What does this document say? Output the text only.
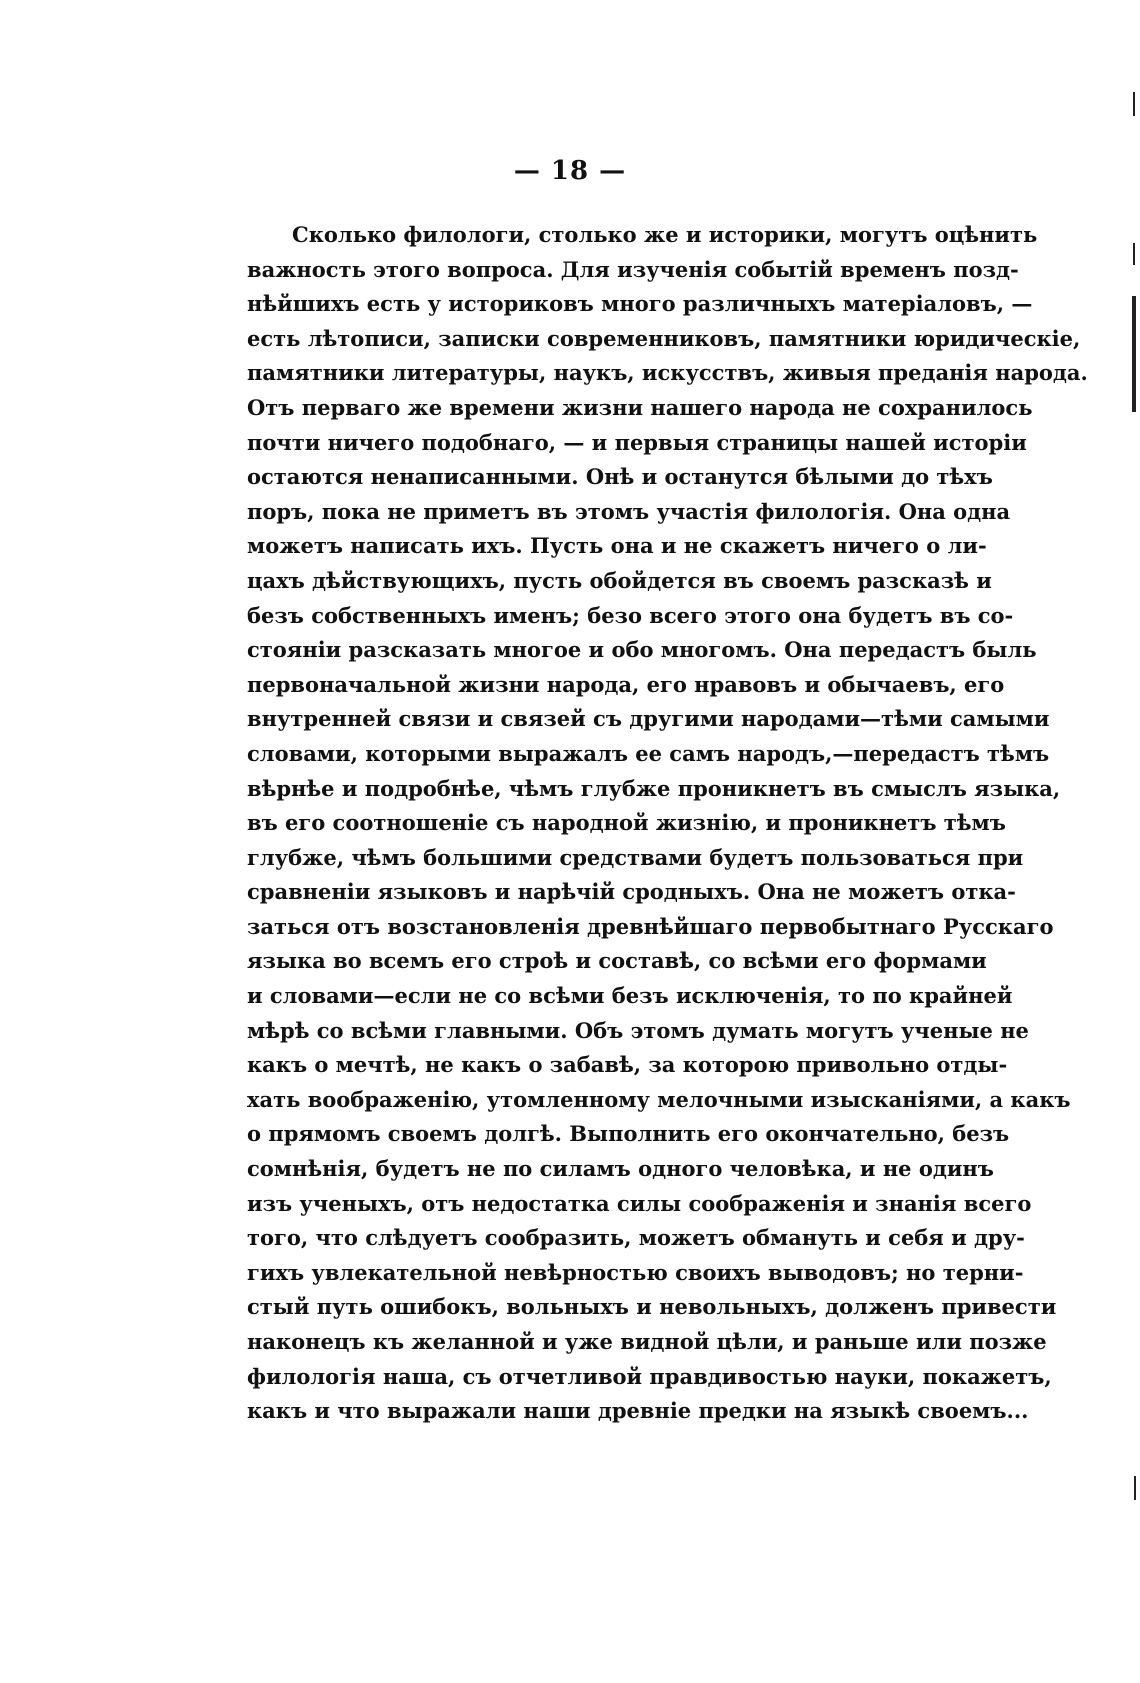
— 18 —
Сколько филологи, столько же и историки, могутъ оцѣнить
важность этого вопроса. Для изученія событій временъ позд-
нѣйшихъ есть у историковъ много различныхъ матеріаловъ, —
есть лѣтописи, записки современниковъ, памятники юридическіе,
памятники литературы, наукъ, искусствъ, живыя преданія народа.
Отъ перваго же времени жизни нашего народа не сохранилось
почти ничего подобнаго, — и первыя страницы нашей исторіи
остаются ненаписанными. Онѣ и останутся бѣлыми до тѣхъ
поръ, пока не приметъ въ этомъ участія филологія. Она одна
можетъ написать ихъ. Пусть она и не скажетъ ничего о ли-
цахъ дѣйствующихъ, пусть обойдется въ своемъ разсказѣ и
безъ собственныхъ именъ; безо всего этого она будетъ въ со-
стояніи разсказать многое и обо многомъ. Она передастъ быль
первоначальной жизни народа, его нравовъ и обычаевъ, его
внутренней связи и связей съ другими народами—тѣми самыми
словами, которыми выражалъ ее самъ народъ,—передастъ тѣмъ
вѣрнѣе и подробнѣе, чѣмъ глубже проникнетъ въ смыслъ языка,
въ его соотношеніе съ народной жизнію, и проникнетъ тѣмъ
глубже, чѣмъ большими средствами будетъ пользоваться при
сравненіи языковъ и нарѣчій сродныхъ. Она не можетъ отка-
заться отъ возстановленія древнѣйшаго первобытнаго Русскаго
языка во всемъ его строѣ и составѣ, со всѣми его формами
и словами—если не со всѣми безъ исключенія, то по крайней
мѣрѣ со всѣми главными. Объ этомъ думать могутъ ученые не
какъ о мечтѣ, не какъ о забавѣ, за которою привольно отды-
хать воображенію, утомленному мелочными изысканіями, а какъ
о прямомъ своемъ долгѣ. Выполнить его окончательно, безъ
сомнѣнія, будетъ не по силамъ одного человѣка, и не одинъ
изъ ученыхъ, отъ недостатка силы соображенія и знанія всего
того, что слѣдуетъ сообразить, можетъ обмануть и себя и дру-
гихъ увлекательной невѣрностью своихъ выводовъ; но терни-
стый путь ошибокъ, вольныхъ и невольныхъ, долженъ привести
наконецъ къ желанной и уже видной цѣли, и раньше или позже
филологія наша, съ отчетливой правдивостью науки, покажетъ,
какъ и что выражали наши древніе предки на языкѣ своемъ...
